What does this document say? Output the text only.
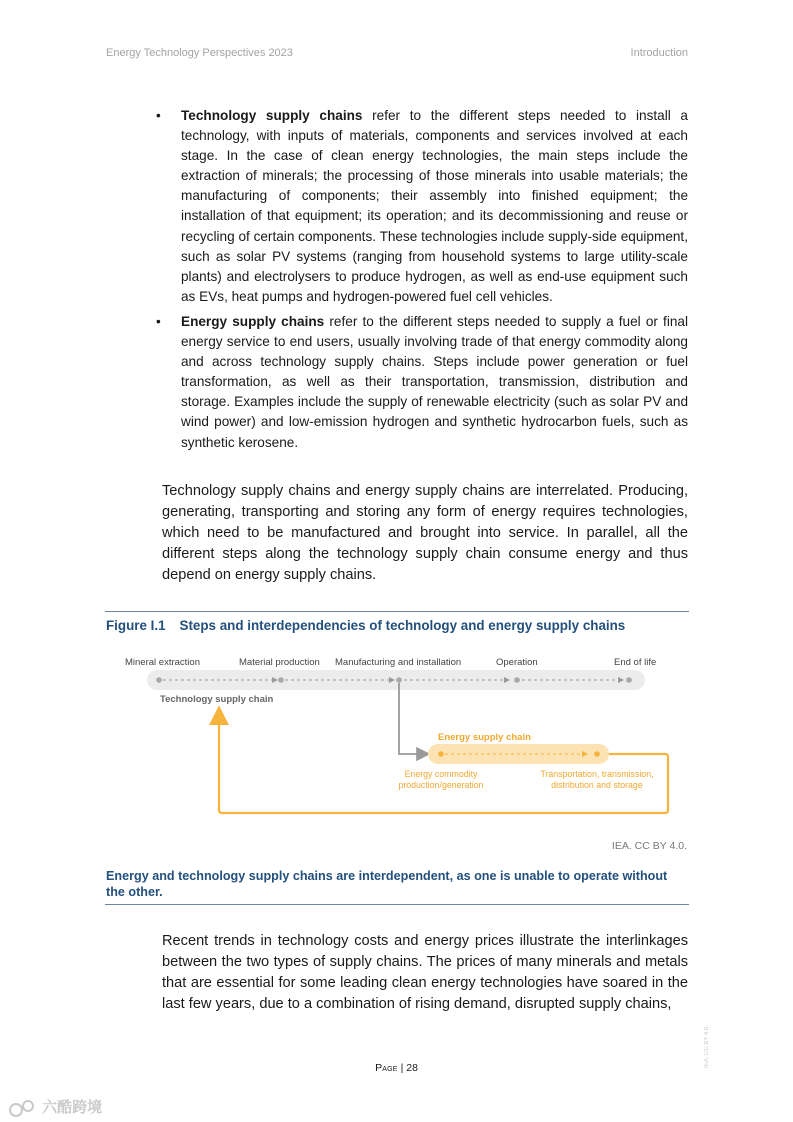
Energy Technology Perspectives 2023	Introduction
• Technology supply chains refer to the different steps needed to install a technology, with inputs of materials, components and services involved at each stage. In the case of clean energy technologies, the main steps include the extraction of minerals; the processing of those minerals into usable materials; the manufacturing of components; their assembly into finished equipment; the installation of that equipment; its operation; and its decommissioning and reuse or recycling of certain components. These technologies include supply-side equipment, such as solar PV systems (ranging from household systems to large utility-scale plants) and electrolysers to produce hydrogen, as well as end-use equipment such as EVs, heat pumps and hydrogen-powered fuel cell vehicles.
• Energy supply chains refer to the different steps needed to supply a fuel or final energy service to end users, usually involving trade of that energy commodity along and across technology supply chains. Steps include power generation or fuel transformation, as well as their transportation, transmission, distribution and storage. Examples include the supply of renewable electricity (such as solar PV and wind power) and low-emission hydrogen and synthetic hydrocarbon fuels, such as synthetic kerosene.

Technology supply chains and energy supply chains are interrelated. Producing, generating, transporting and storing any form of energy requires technologies, which need to be manufactured and brought into service. In parallel, all the different steps along the technology supply chain consume energy and thus depend on energy supply chains.

Figure I.1 Steps and interdependencies of technology and energy supply chains
Mineral extraction	Material production Manufacturing and installation	Operation	End of life
Technology supply chain
Energy supply chain
Energy commodity
production/generation
Transportation, transmission,
distribution and storage
IEA. CC BY 4.0.
Energy and technology supply chains are interdependent, as one is unable to operate without the other.

Recent trends in technology costs and energy prices illustrate the interlinkages between the two types of supply chains. The prices of many minerals and metals that are essential for some leading clean energy technologies have soared in the last few years, due to a combination of rising demand, disrupted supply chains,

Page | 28	IEA. CC BY 4.0.
六酷跨境
